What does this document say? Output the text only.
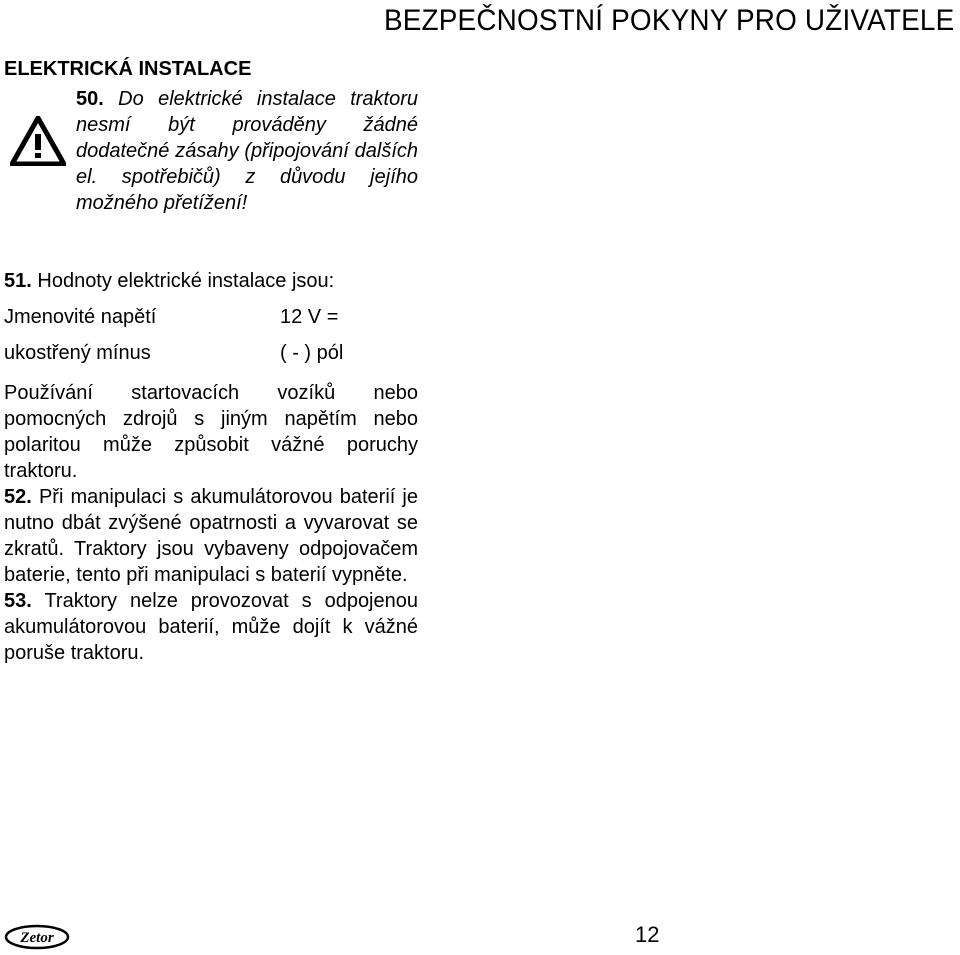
BEZPEČNOSTNÍ POKYNY PRO UŽIVATELE
ELEKTRICKÁ INSTALACE
50. Do elektrické instalace traktoru nesmí být prováděny žádné dodatečné zásahy (připojování dalších el. spotřebičů) z důvodu jejího možného přetížení!

51. Hodnoty elektrické instalace jsou:

Jmenovité napětí	12 V =
ukostřený mínus	( - ) pól

Používání startovacích vozíků nebo pomocných zdrojů s jiným napětím nebo polaritou může způsobit vážné poruchy traktoru.

52. Při manipulaci s akumulátorovou baterií je nutno dbát zvýšené opatrnosti a vyvarovat se zkratů. Traktory jsou vybaveny odpojovačem baterie, tento při manipulaci s baterií vypněte.

53. Traktory nelze provozovat s odpojenou akumulátorovou baterií, může dojít k vážné poruše traktoru.

Zetor	12
